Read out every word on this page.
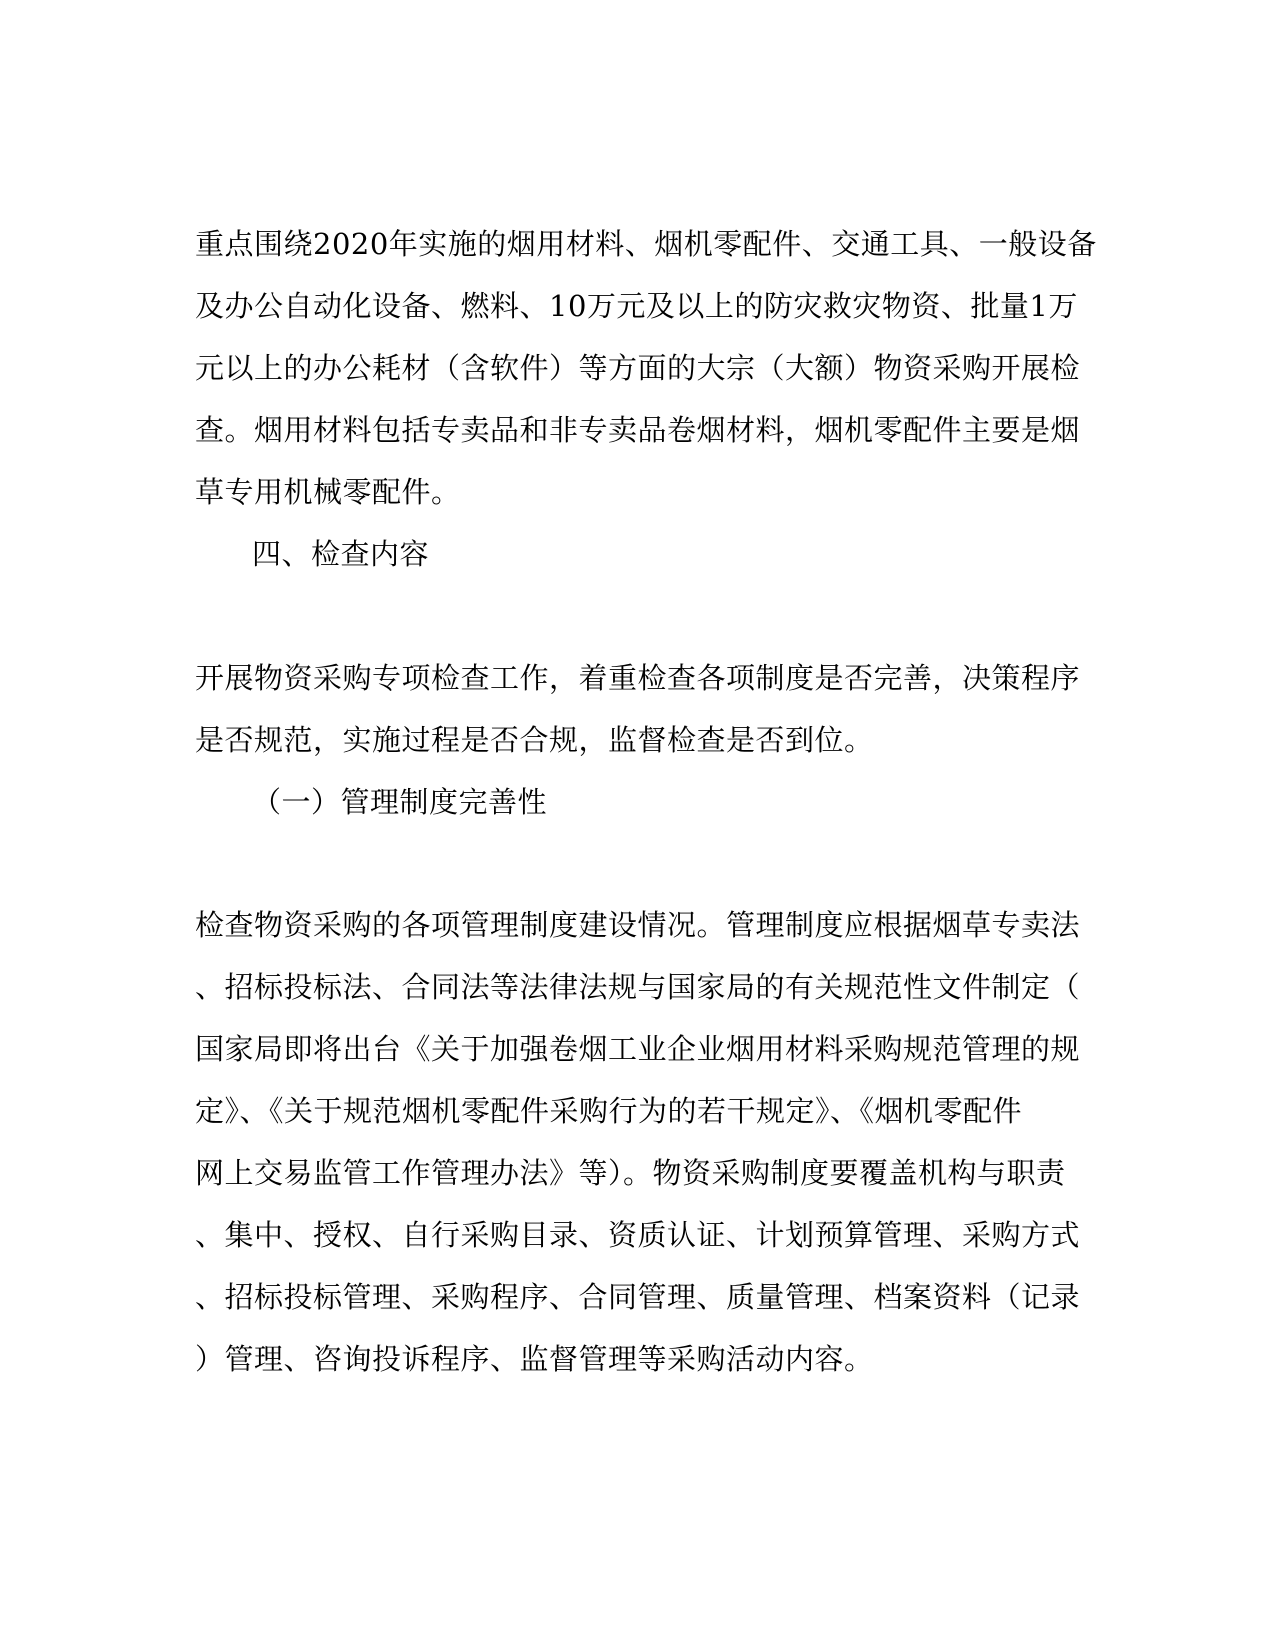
重点围绕2020年实施的烟用材料、烟机零配件、交通工具、一般设备
及办公自动化设备、燃料、10万元及以上的防灾救灾物资、批量1万
元以上的办公耗材（含软件）等方面的大宗（大额）物资采购开展检
查。烟用材料包括专卖品和非专卖品卷烟材料，烟机零配件主要是烟
草专用机械零配件。
四、检查内容
开展物资采购专项检查工作，着重检查各项制度是否完善，决策程序
是否规范，实施过程是否合规，监督检查是否到位。
（一）管理制度完善性
检查物资采购的各项管理制度建设情况。管理制度应根据烟草专卖法
、招标投标法、合同法等法律法规与国家局的有关规范性文件制定（
国家局即将出台《关于加强卷烟工业企业烟用材料采购规范管理的规
定》、《关于规范烟机零配件采购行为的若干规定》、《烟机零配件
网上交易监管工作管理办法》等）。物资采购制度要覆盖机构与职责
、集中、授权、自行采购目录、资质认证、计划预算管理、采购方式
、招标投标管理、采购程序、合同管理、质量管理、档案资料（记录
）管理、咨询投诉程序、监督管理等采购活动内容。
